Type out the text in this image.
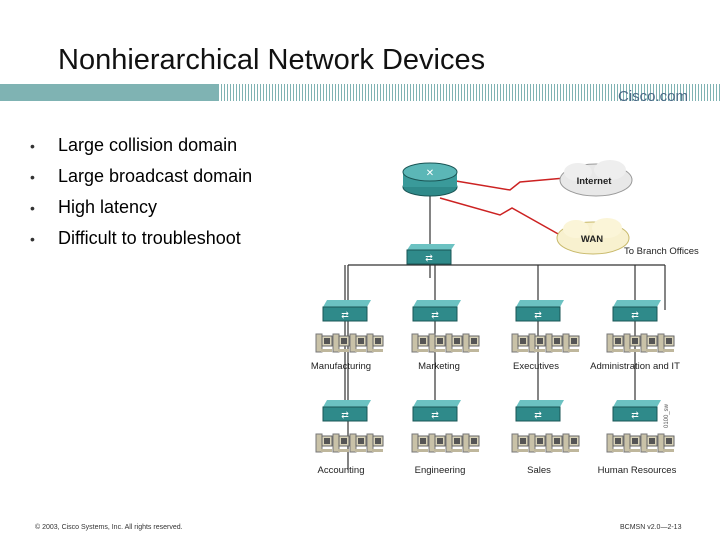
Nonhierarchical Network Devices
Cisco.com
•	Large collision domain
•	Large broadcast domain
•	High latency
•	Difficult to troubleshoot
✕
Internet
WAN
To Branch Offices
⇄
⇄	⇄	⇄	⇄
⇄	⇄	⇄	⇄
Manufacturing	Marketing	Executives	Administration and IT
Accounting	Engineering	Sales	Human Resources
0100_sw
© 2003, Cisco Systems, Inc. All rights reserved.	BCMSN v2.0—2-13
